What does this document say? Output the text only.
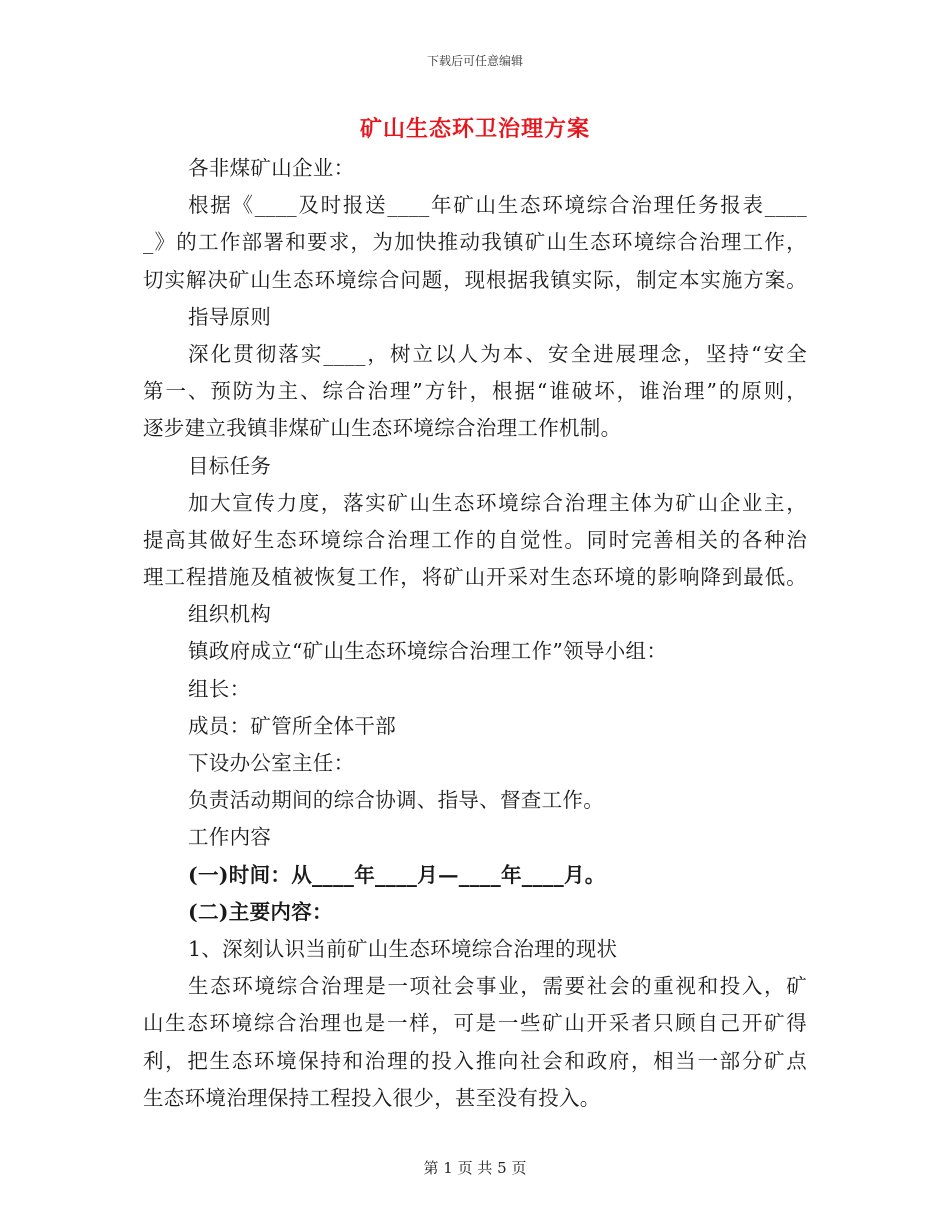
下载后可任意编辑
矿山生态环卫治理方案
各非煤矿山企业：
根据《____及时报送____年矿山生态环境综合治理任务报表____
_》的工作部署和要求，为加快推动我镇矿山生态环境综合治理工作，
切实解决矿山生态环境综合问题，现根据我镇实际，制定本实施方案。
指导原则
深化贯彻落实____，树立以人为本、安全进展理念，坚持“安全
第一、预防为主、综合治理”方针，根据“谁破坏，谁治理”的原则，
逐步建立我镇非煤矿山生态环境综合治理工作机制。
目标任务
加大宣传力度，落实矿山生态环境综合治理主体为矿山企业主，
提高其做好生态环境综合治理工作的自觉性。同时完善相关的各种治
理工程措施及植被恢复工作，将矿山开采对生态环境的影响降到最低。
组织机构
镇政府成立“矿山生态环境综合治理工作”领导小组：
组长：
成员：矿管所全体干部
下设办公室主任：
负责活动期间的综合协调、指导、督查工作。
工作内容
(一)时间：从____年____月—____年____月。
(二)主要内容：
1、深刻认识当前矿山生态环境综合治理的现状
生态环境综合治理是一项社会事业，需要社会的重视和投入，矿
山生态环境综合治理也是一样，可是一些矿山开采者只顾自己开矿得
利，把生态环境保持和治理的投入推向社会和政府，相当一部分矿点
生态环境治理保持工程投入很少，甚至没有投入。
第 1 页 共 5 页
